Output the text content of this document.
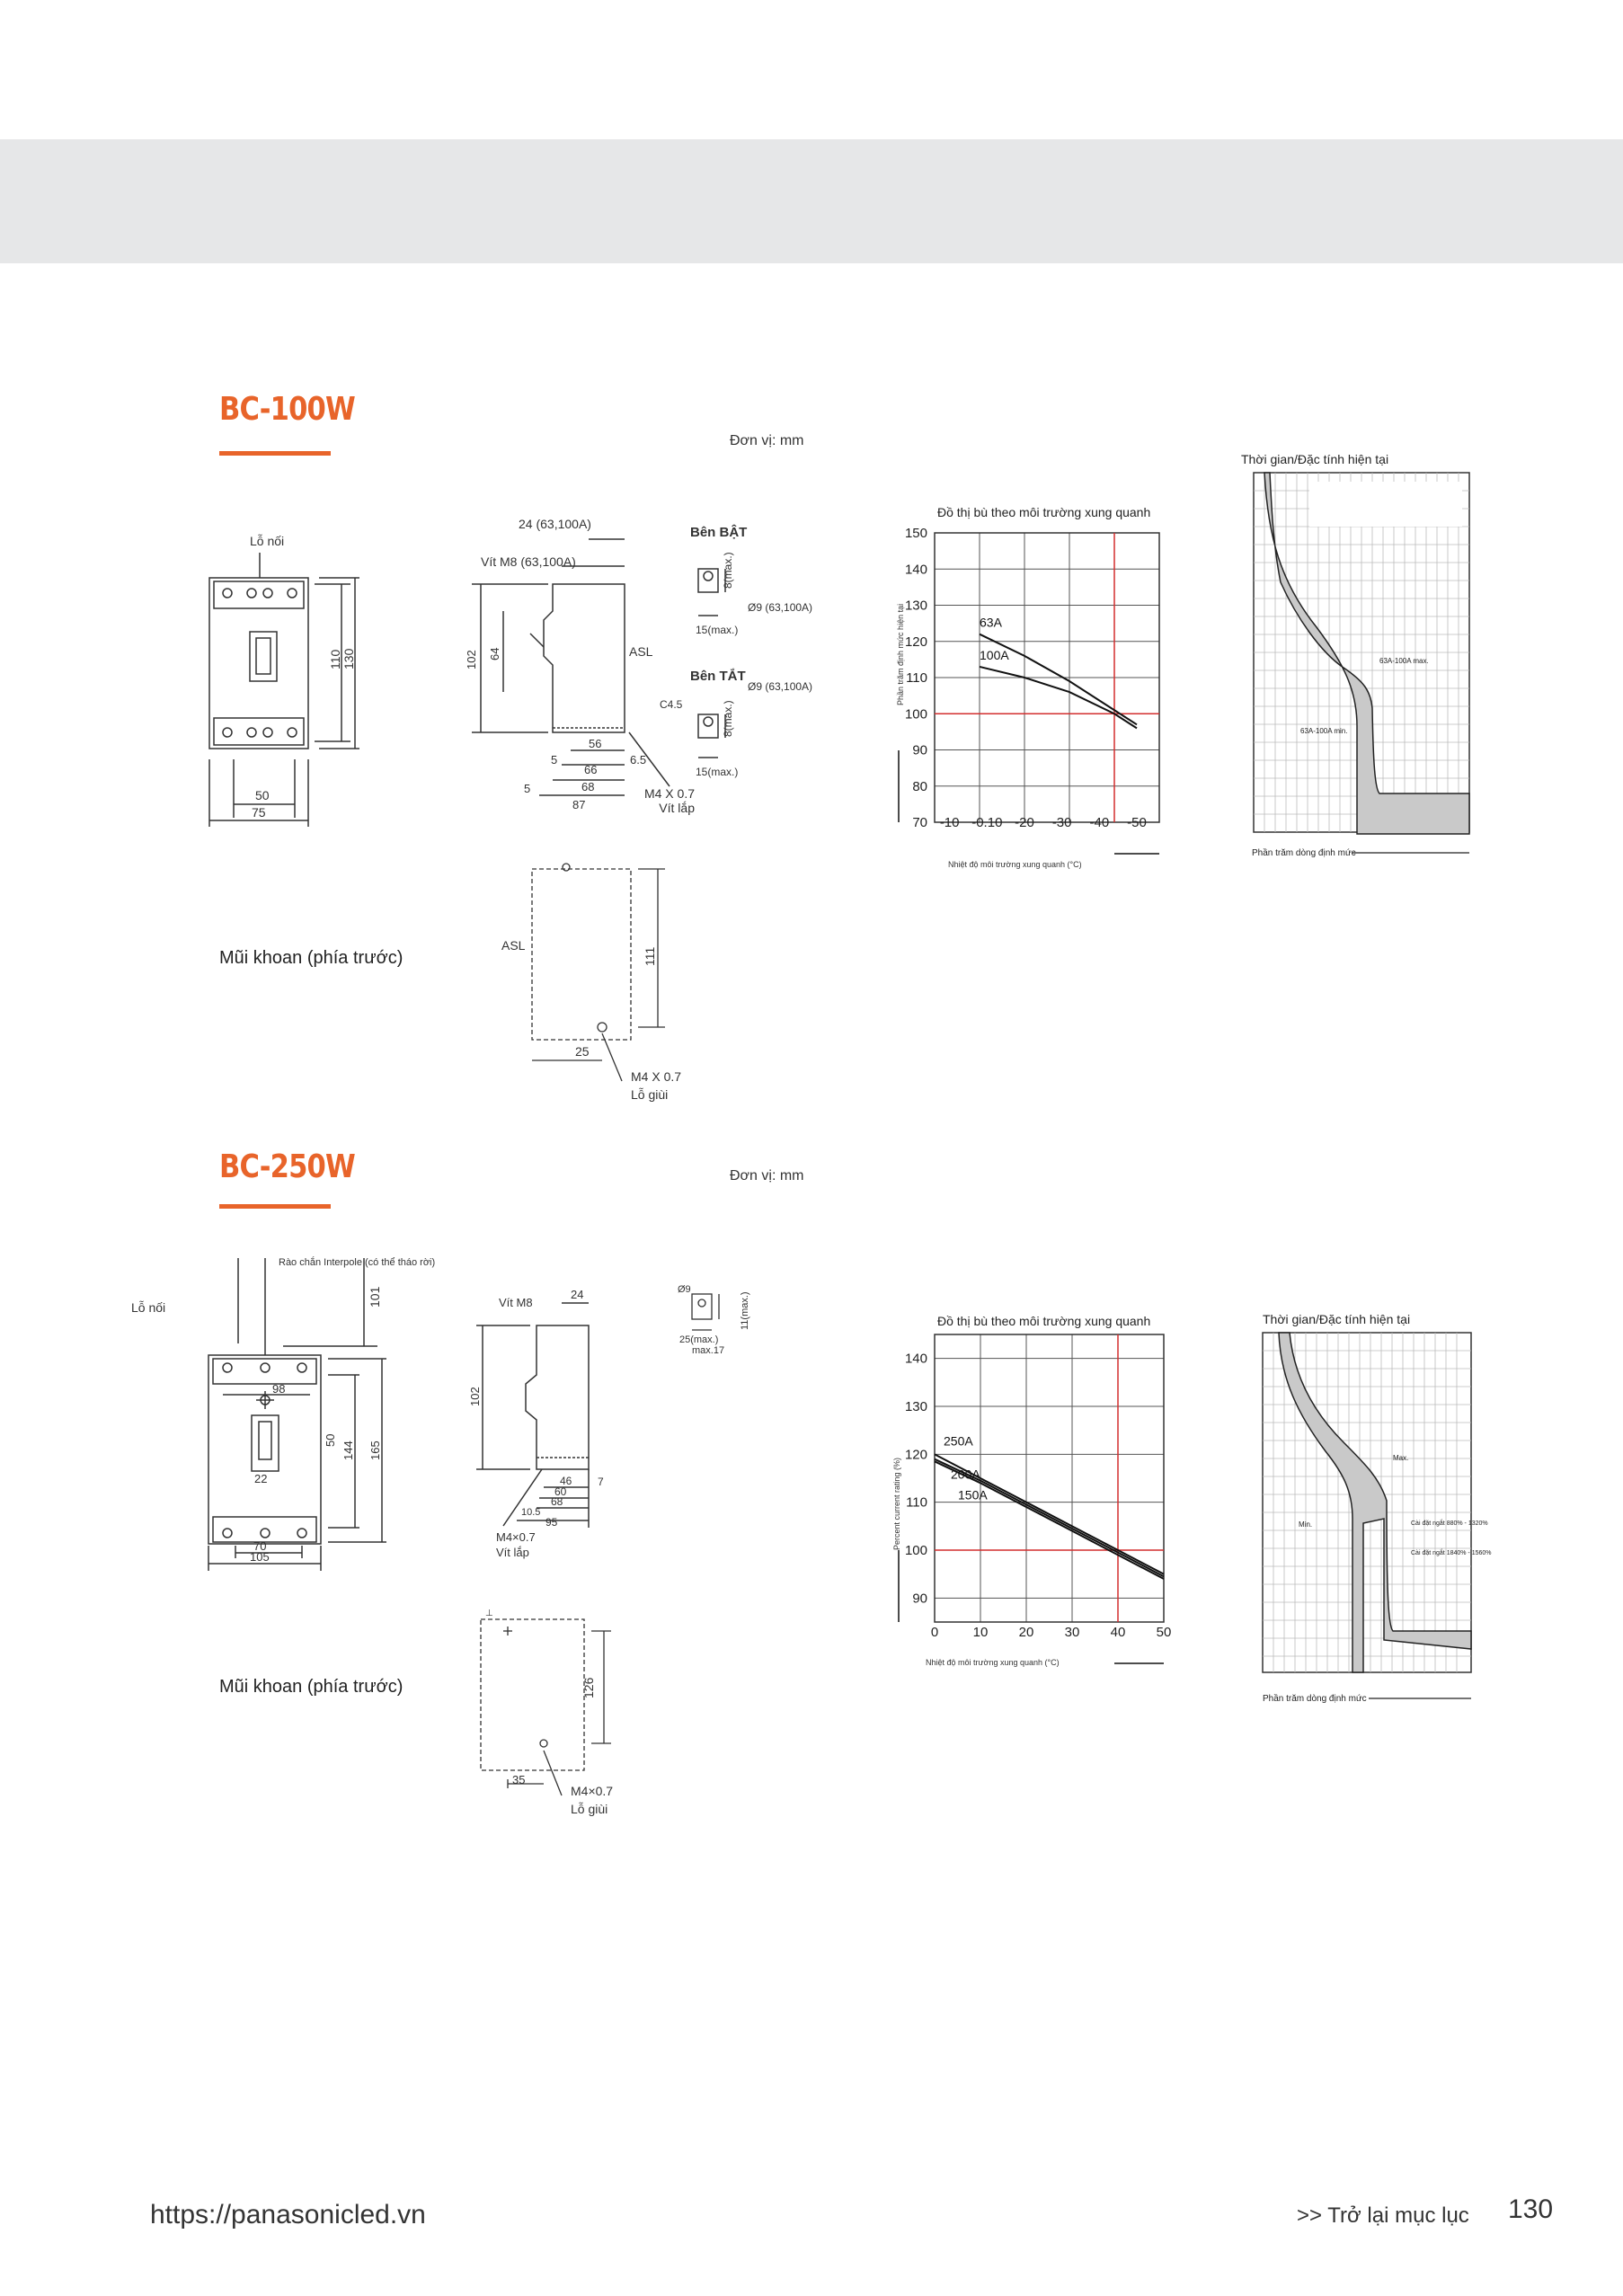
BC-100W
Đơn vị: mm
Lỗ nối
110 130
50
75
24 (63,100A)
Vít M8 (63,100A)
ASL
102 64
56
66
68
87
5
5
6.5
M4 X 0.7
Vít lắp
Bên BẬT
8(max.)
Ø9 (63,100A)
15(max.)
Bên TẮT
Ø9 (63,100A)
C4.5	8(max.)
15(max.)
Đồ thị bù theo môi trường xung quanh
Phần trăm định mức hiện tại
Nhiệt độ môi trường xung quanh (°C)
70
80
90
100
110
120
130
140
150
-10 -0.10 -20 -30 -40 -50
63A
100A
Thời gian/Đặc tính hiện tại
63A-100A max.
63A-100A min.
Phần trăm dòng định mức
Mũi khoan (phía trước)
ASL
111
25
M4 X 0.7
Lỗ giùi
BC-250W	Đơn vị: mm
Lỗ nối
Rào chắn Interpole (có thể tháo rời)
101
98
50
144 165
22
70
105
Vít M8
24
102
46
60
68
10.5
95
7
M4×0.7
Vít lắp
Ø9
11(max.)
25(max.)
max.17
Đồ thị bù theo môi trường xung quanh
Percent current rating (%)
Nhiệt độ môi trường xung quanh (°C)
90
100
110
120
130
140
0	10 20 30 40 50
250A
200A
150A
Thời gian/Đặc tính hiện tại
Max.
Min.	Cài đặt ngắt 880% - 1320%
Cài đặt ngắt 1840% - 1560%
Phần trăm dòng định mức
Mũi khoan (phía trước)
⊥
126
35
M4×0.7
Lỗ giùi
https://panasonicled.vn	>> Trở lại mục lục 130
